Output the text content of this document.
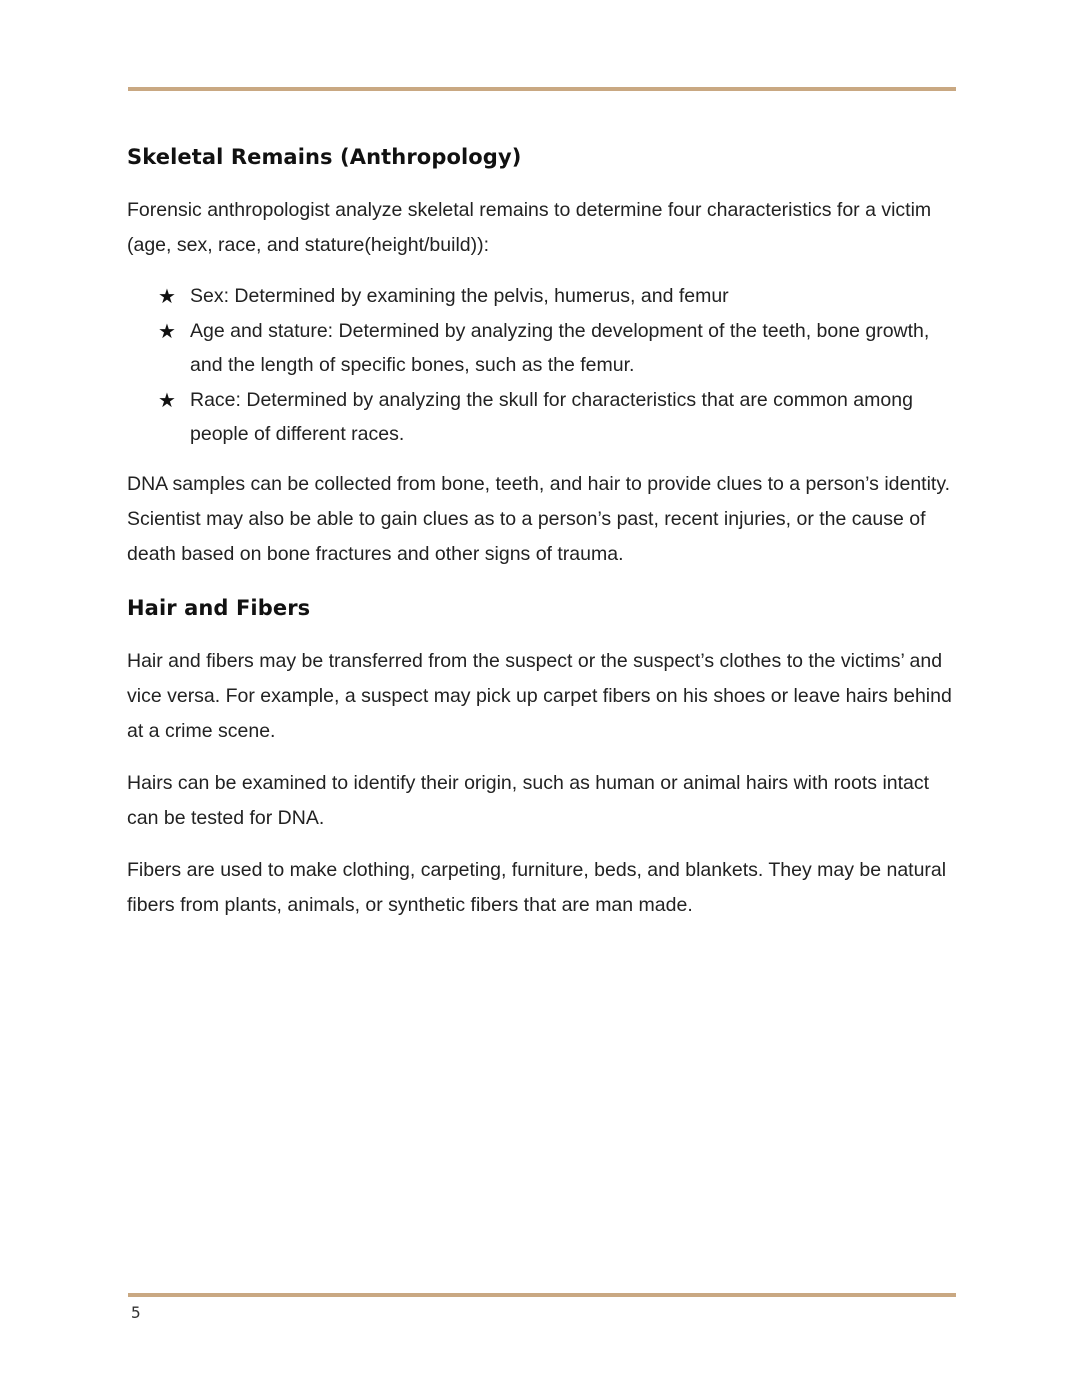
Skeletal Remains (Anthropology)

Forensic anthropologist analyze skeletal remains to determine four characteristics for a victim (age, sex, race, and stature(height/build)):

★ Sex: Determined by examining the pelvis, humerus, and femur
★ Age and stature: Determined by analyzing the development of the teeth, bone growth, and the length of specific bones, such as the femur.
★ Race: Determined by analyzing the skull for characteristics that are common among people of different races.

DNA samples can be collected from bone, teeth, and hair to provide clues to a person’s identity. Scientist may also be able to gain clues as to a person’s past, recent injuries, or the cause of death based on bone fractures and other signs of trauma.

Hair and Fibers

Hair and fibers may be transferred from the suspect or the suspect’s clothes to the victims’ and vice versa. For example, a suspect may pick up carpet fibers on his shoes or leave hairs behind at a crime scene.

Hairs can be examined to identify their origin, such as human or animal hairs with roots intact can be tested for DNA.

Fibers are used to make clothing, carpeting, furniture, beds, and blankets. They may be natural fibers from plants, animals, or synthetic fibers that are man made.

5
